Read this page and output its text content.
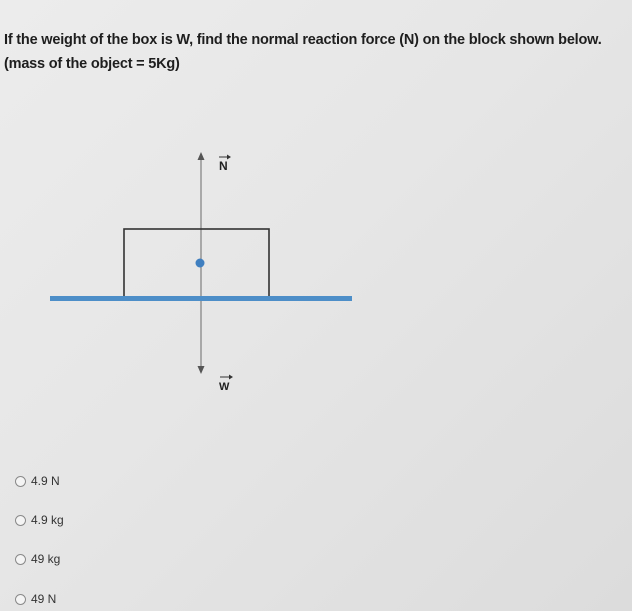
If the weight of the box is W, find the normal reaction force (N) on the block shown below.
(mass of the object = 5Kg)
N
W
4.9 N
4.9 kg
49 kg
49 N
